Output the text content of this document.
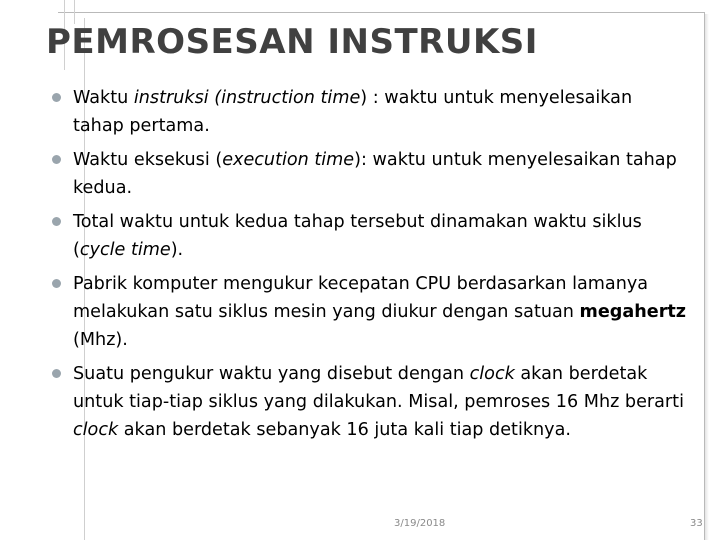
PEMROSESAN INSTRUKSI
Waktu instruksi (instruction time) : waktu untuk menyelesaikan tahap pertama.
Waktu eksekusi (execution time): waktu untuk menyelesaikan tahap kedua.
Total waktu untuk kedua tahap tersebut dinamakan waktu siklus (cycle time).
Pabrik komputer mengukur kecepatan CPU berdasarkan lamanya melakukan satu siklus mesin yang diukur dengan satuan megahertz (Mhz).
Suatu pengukur waktu yang disebut dengan clock akan berdetak untuk tiap-tiap siklus yang dilakukan. Misal, pemroses 16 Mhz berarti clock akan berdetak sebanyak 16 juta kali tiap detiknya.
3/19/2018	33
